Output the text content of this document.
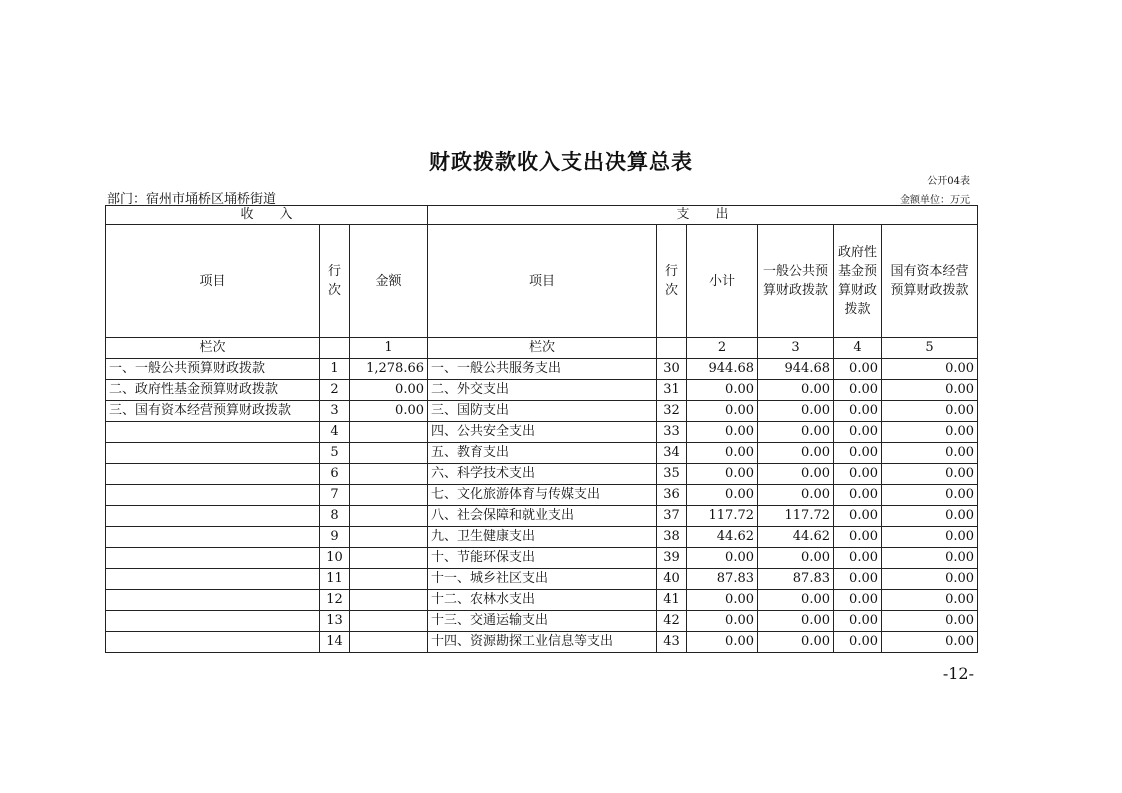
财政拨款收入支出决算总表
公开04表
部门：宿州市埇桥区埇桥街道	金额单位：万元
收　　入			支　　出					
项目	行次	金额	项目	行次	小计	一般公共预算财政拨款	政府性基金预算财政拨款	国有资本经营预算财政拨款
栏次		1	栏次		2	3	4	5
一、一般公共预算财政拨款	1	1,278.66	一、一般公共服务支出	30	944.68	944.68	0.00	0.00
二、政府性基金预算财政拨款	2	0.00	二、外交支出	31	0.00	0.00	0.00	0.00
三、国有资本经营预算财政拨款	3	0.00	三、国防支出	32	0.00	0.00	0.00	0.00
	4		四、公共安全支出	33	0.00	0.00	0.00	0.00
	5		五、教育支出	34	0.00	0.00	0.00	0.00
	6		六、科学技术支出	35	0.00	0.00	0.00	0.00
	7		七、文化旅游体育与传媒支出	36	0.00	0.00	0.00	0.00
	8		八、社会保障和就业支出	37	117.72	117.72	0.00	0.00
	9		九、卫生健康支出	38	44.62	44.62	0.00	0.00
	10		十、节能环保支出	39	0.00	0.00	0.00	0.00
	11		十一、城乡社区支出	40	87.83	87.83	0.00	0.00
	12		十二、农林水支出	41	0.00	0.00	0.00	0.00
	13		十三、交通运输支出	42	0.00	0.00	0.00	0.00
	14		十四、资源勘探工业信息等支出	43	0.00	0.00	0.00	0.00
-12-
